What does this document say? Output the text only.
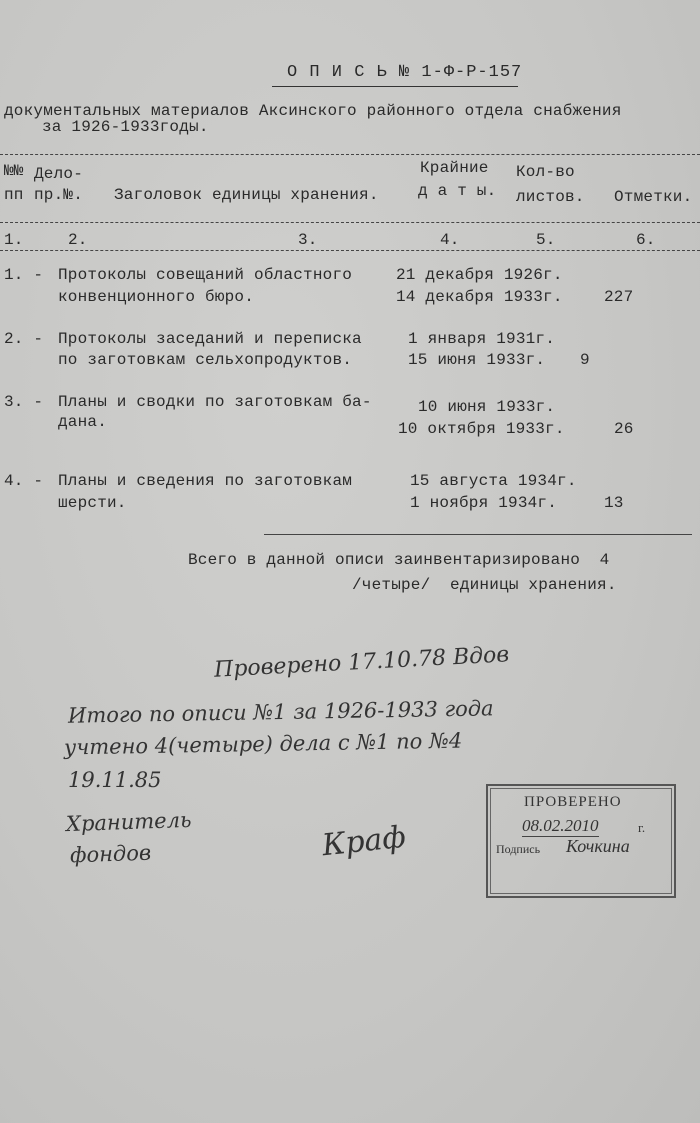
О П И С Ь № 1-Ф-Р-157
документальных материалов Аксинского районного отдела снабжения
за 1926-1933годы.
№№
пп
Дело-
пр.№. Заголовок единицы хранения.
Крайние
д а т ы.
Кол-во
листов. Отметки.
1.	2.	3.	4.	5.	6.
1. - Протоколы совещаний областного
конвенционного бюро.
21 декабря 1926г.
14 декабря 1933г.	227
2. - Протоколы заседаний и переписка
по заготовкам сельхопродуктов.
1 января 1931г.
15 июня 1933г. 9
3. - Планы и сводки по заготовкам ба-
дана.
10 июня 1933г.
10 октября 1933г.	26
4. - Планы и сведения по заготовкам
шерсти.
15 августа 1934г.
1 ноября 1934г.	13
Всего в данной описи заинвентаризировано  4
/четыре/  единицы хранения.
Проверено 17.10.78 Вдов
Итого по описи №1 за 1926-1933 года
учтено 4(четыре) дела с №1 по №4
19.11.85
Хранитель
фондов	Краф
ПРОВЕРЕНО
08.02.2010	г.
Подпись Кочкина
